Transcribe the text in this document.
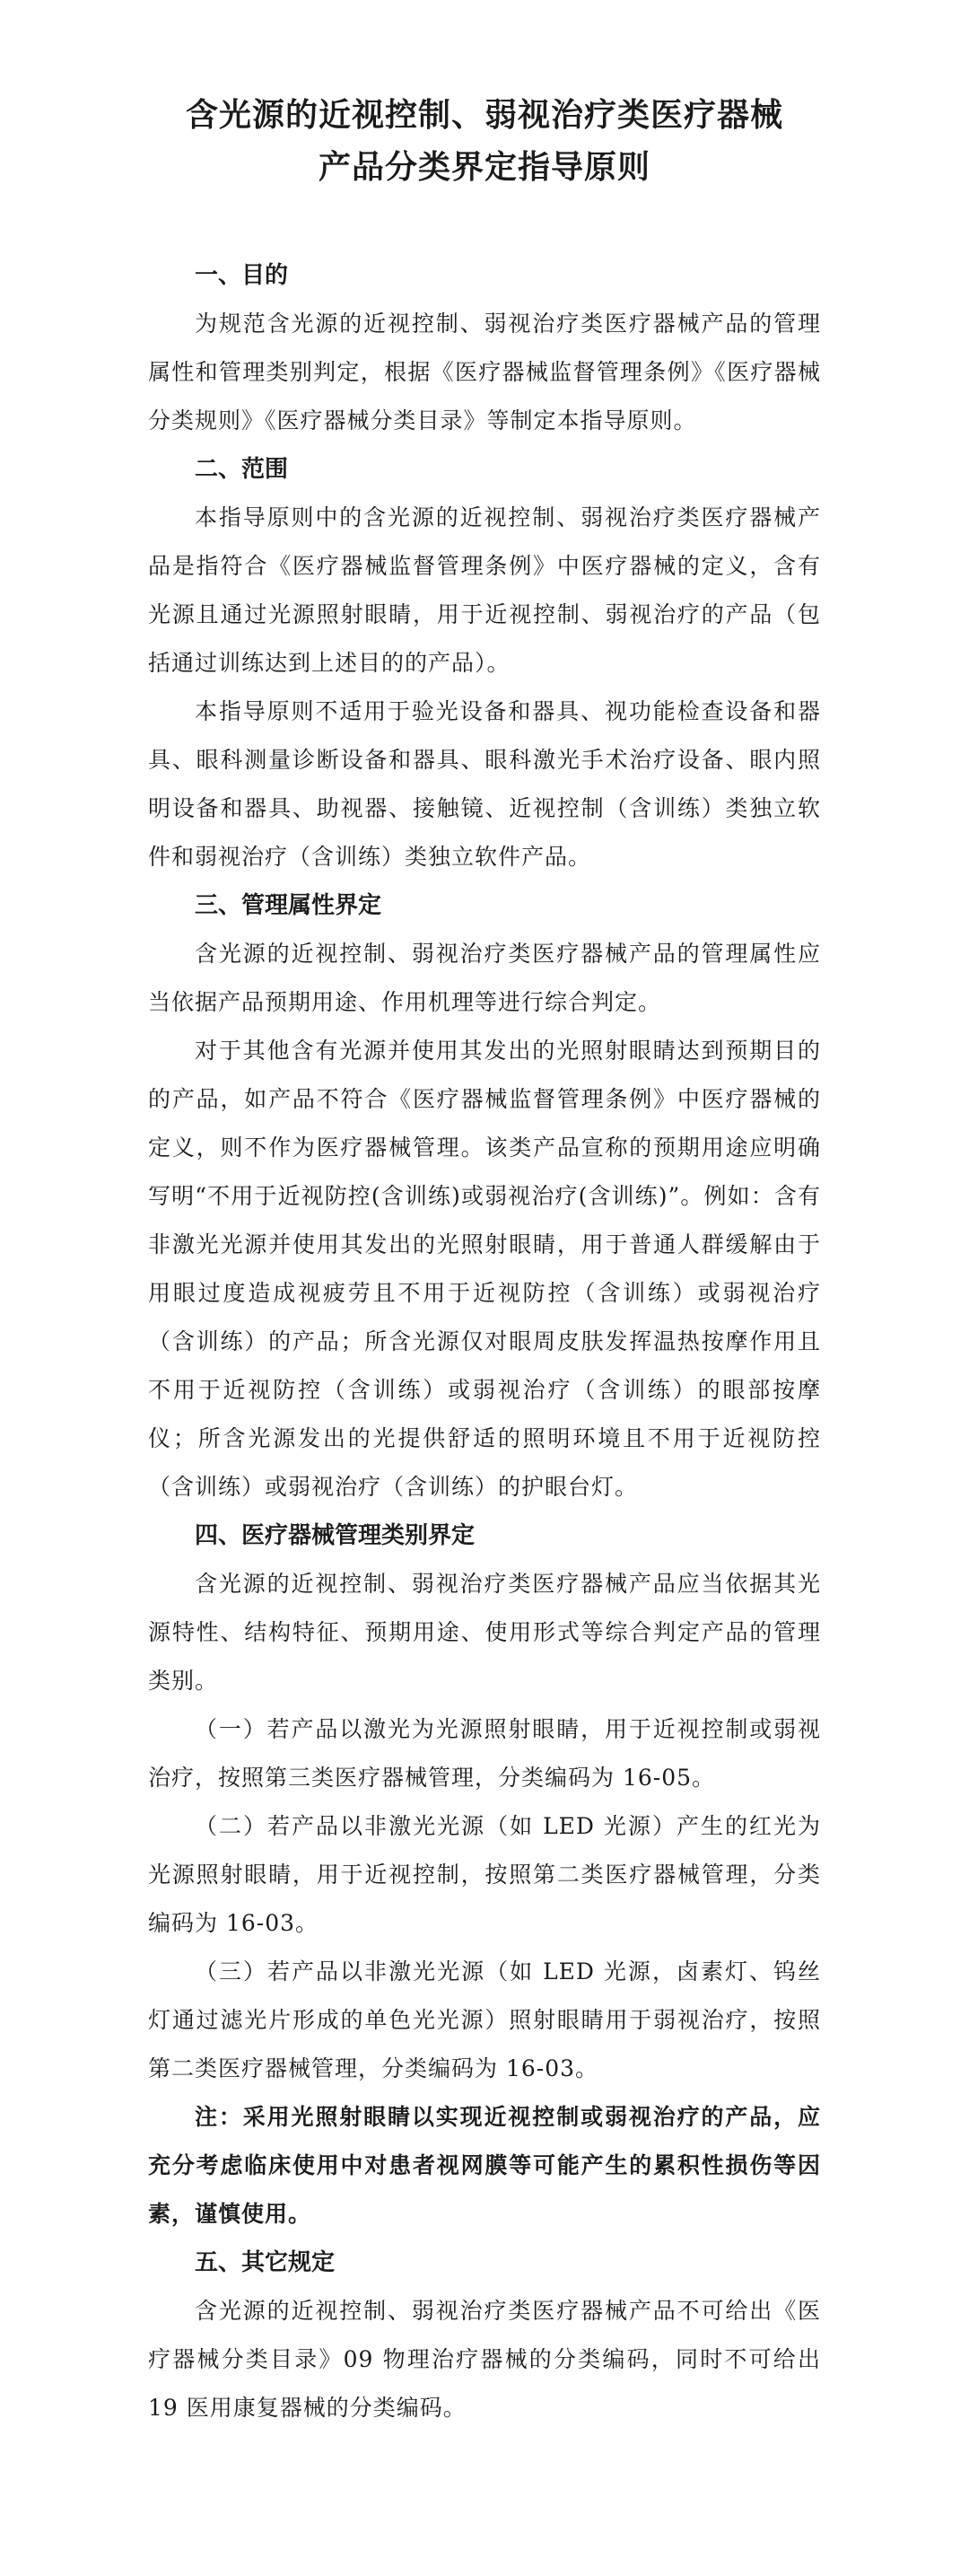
含光源的近视控制、弱视治疗类医疗器械
产品分类界定指导原则

一、目的

为规范含光源的近视控制、弱视治疗类医疗器械产品的管理属性和管理类别判定，根据《医疗器械监督管理条例》《医疗器械分类规则》《医疗器械分类目录》等制定本指导原则。

二、范围

本指导原则中的含光源的近视控制、弱视治疗类医疗器械产品是指符合《医疗器械监督管理条例》中医疗器械的定义，含有光源且通过光源照射眼睛，用于近视控制、弱视治疗的产品（包括通过训练达到上述目的的产品）。

本指导原则不适用于验光设备和器具、视功能检查设备和器具、眼科测量诊断设备和器具、眼科激光手术治疗设备、眼内照明设备和器具、助视器、接触镜、近视控制（含训练）类独立软件和弱视治疗（含训练）类独立软件产品。

三、管理属性界定

含光源的近视控制、弱视治疗类医疗器械产品的管理属性应当依据产品预期用途、作用机理等进行综合判定。

对于其他含有光源并使用其发出的光照射眼睛达到预期目的的产品，如产品不符合《医疗器械监督管理条例》中医疗器械的定义，则不作为医疗器械管理。该类产品宣称的预期用途应明确写明“不用于近视防控(含训练)或弱视治疗(含训练)”。例如：含有非激光光源并使用其发出的光照射眼睛，用于普通人群缓解由于用眼过度造成视疲劳且不用于近视防控（含训练）或弱视治疗（含训练）的产品；所含光源仅对眼周皮肤发挥温热按摩作用且不用于近视防控（含训练）或弱视治疗（含训练）的眼部按摩仪；所含光源发出的光提供舒适的照明环境且不用于近视防控（含训练）或弱视治疗（含训练）的护眼台灯。

四、医疗器械管理类别界定

含光源的近视控制、弱视治疗类医疗器械产品应当依据其光源特性、结构特征、预期用途、使用形式等综合判定产品的管理类别。

（一）若产品以激光为光源照射眼睛，用于近视控制或弱视治疗，按照第三类医疗器械管理，分类编码为 16-05。

（二）若产品以非激光光源（如 LED 光源）产生的红光为光源照射眼睛，用于近视控制，按照第二类医疗器械管理，分类编码为 16-03。

（三）若产品以非激光光源（如 LED 光源，卤素灯、钨丝灯通过滤光片形成的单色光光源）照射眼睛用于弱视治疗，按照第二类医疗器械管理，分类编码为 16-03。

注：采用光照射眼睛以实现近视控制或弱视治疗的产品，应充分考虑临床使用中对患者视网膜等可能产生的累积性损伤等因素，谨慎使用。

五、其它规定

含光源的近视控制、弱视治疗类医疗器械产品不可给出《医疗器械分类目录》09 物理治疗器械的分类编码，同时不可给出 19 医用康复器械的分类编码。
